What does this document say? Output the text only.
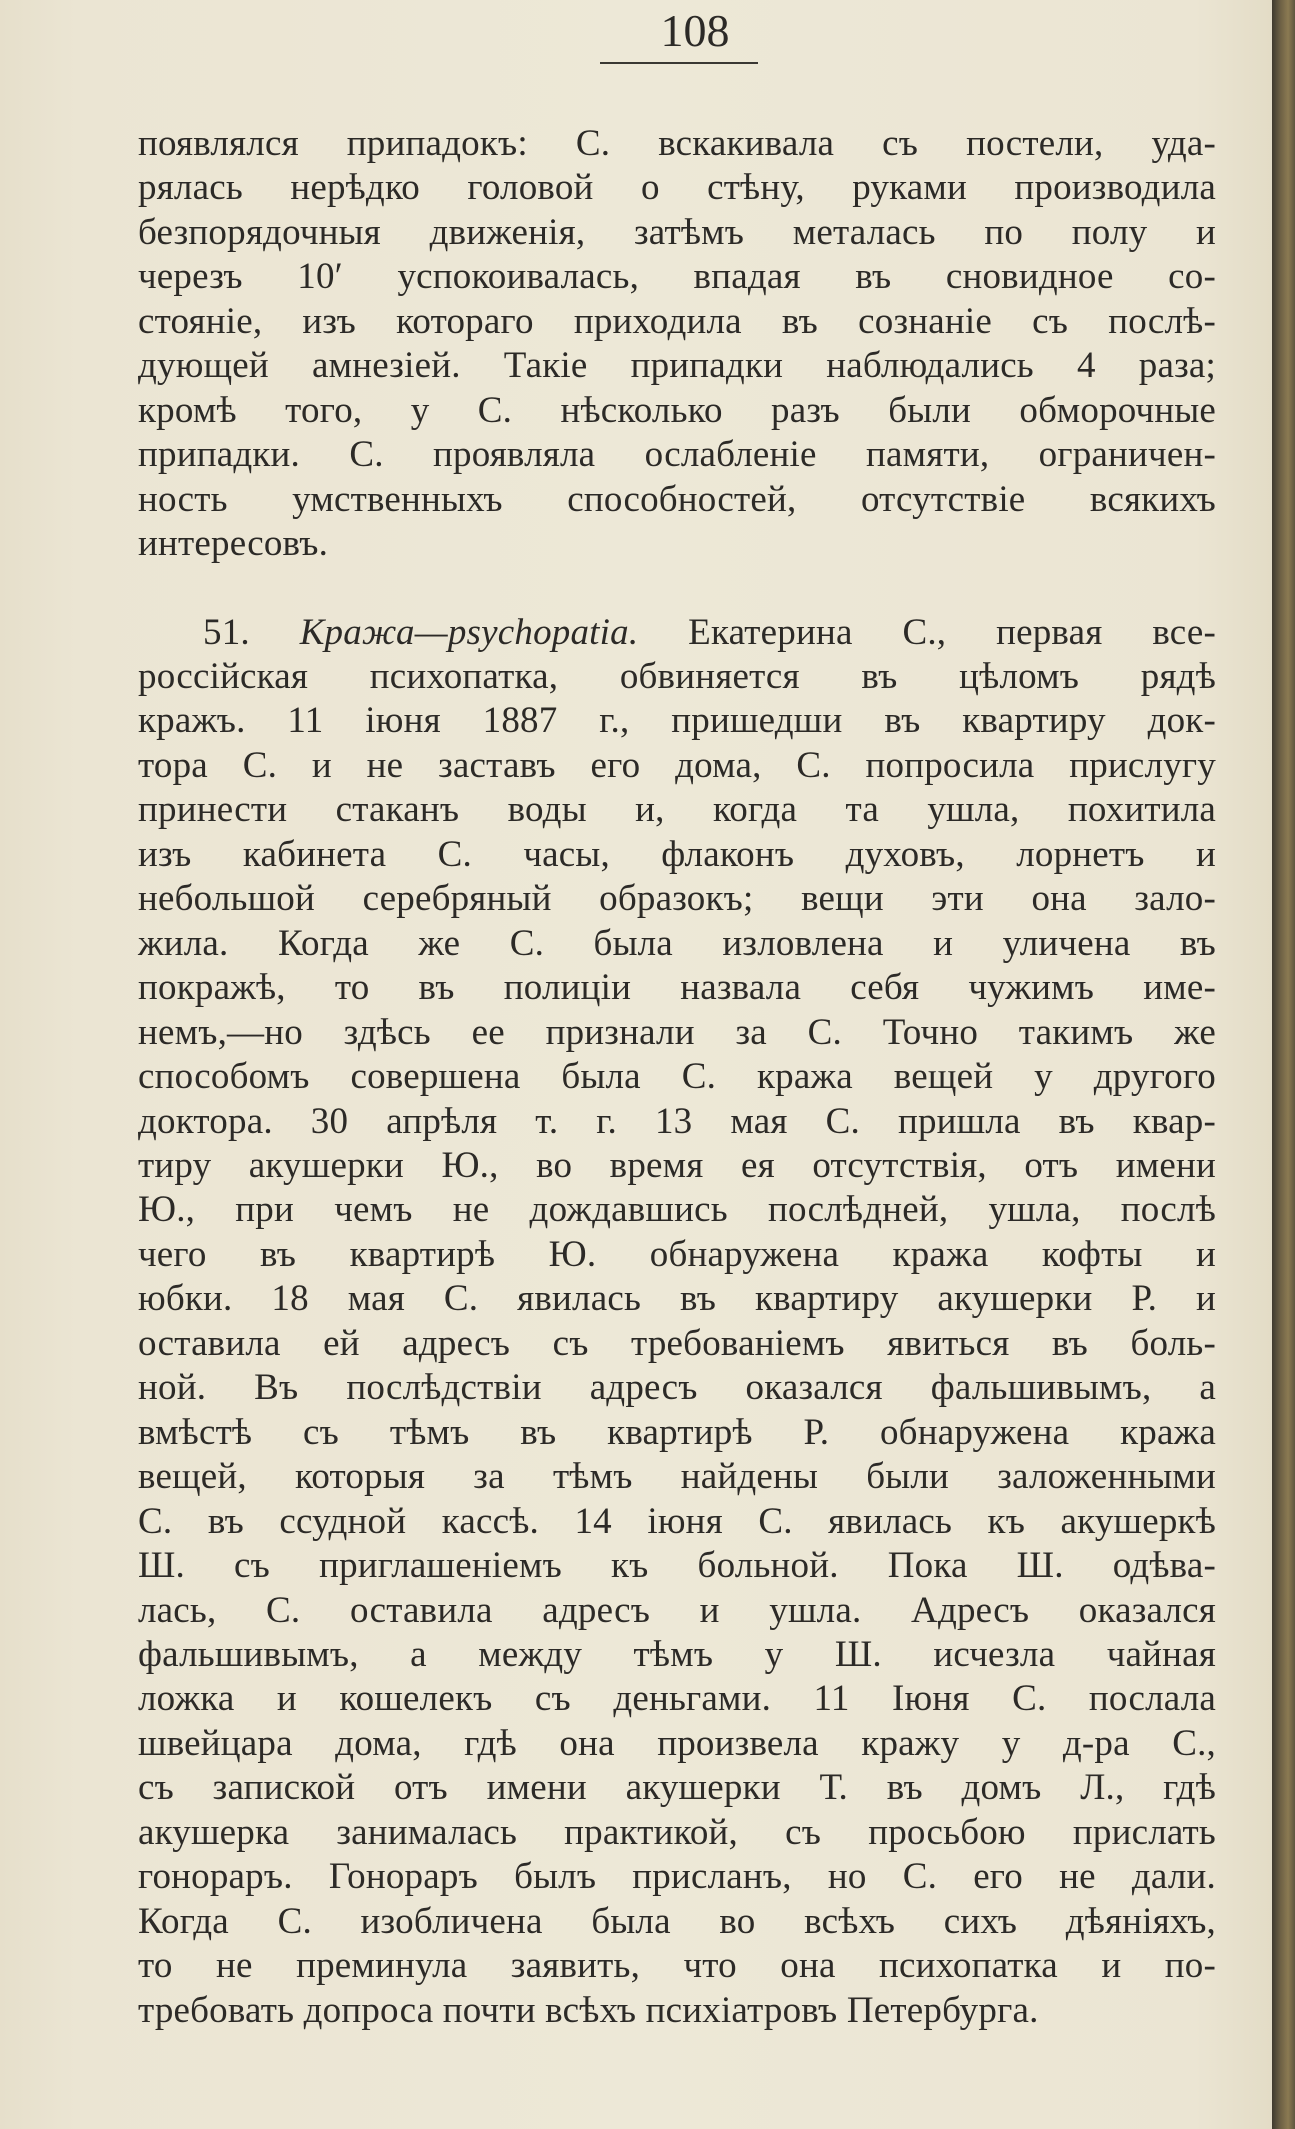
108
появлялся припадокъ: С. вскакивала съ постели, уда-
рялась нерѣдко головой о стѣну, руками производила
безпорядочныя движенія, затѣмъ металась по полу и
черезъ 10′ успокоивалась, впадая въ сновидное со-
стояніе, изъ котораго приходила въ сознаніе съ послѣ-
дующей амнезіей. Такіе припадки наблюдались 4 раза;
кромѣ того, у С. нѣсколько разъ были обморочные
припадки. С. проявляла ослабленіе памяти, ограничен-
ность умственныхъ способностей, отсутствіе всякихъ
интересовъ.
51. Кража—psychopatia. Екатерина С., первая все-
россійская психопатка, обвиняется въ цѣломъ рядѣ
кражъ. 11 іюня 1887 г., пришедши въ квартиру док-
тора С. и не заставъ его дома, С. попросила прислугу
принести стаканъ воды и, когда та ушла, похитила
изъ кабинета С. часы, флаконъ духовъ, лорнетъ и
небольшой серебряный образокъ; вещи эти она зало-
жила. Когда же С. была изловлена и уличена въ
покражѣ, то въ полиціи назвала себя чужимъ име-
немъ,—но здѣсь ее признали за С. Точно такимъ же
способомъ совершена была С. кража вещей у другого
доктора. 30 апрѣля т. г. 13 мая С. пришла въ квар-
тиру акушерки Ю., во время ея отсутствія, отъ имени
Ю., при чемъ не дождавшись послѣдней, ушла, послѣ
чего въ квартирѣ Ю. обнаружена кража кофты и
юбки. 18 мая С. явилась въ квартиру акушерки Р. и
оставила ей адресъ съ требованіемъ явиться въ боль-
ной. Въ послѣдствіи адресъ оказался фальшивымъ, а
вмѣстѣ съ тѣмъ въ квартирѣ Р. обнаружена кража
вещей, которыя за тѣмъ найдены были заложенными
С. въ ссудной кассѣ. 14 іюня С. явилась къ акушеркѣ
Ш. съ приглашеніемъ къ больной. Пока Ш. одѣва-
лась, С. оставила адресъ и ушла. Адресъ оказался
фальшивымъ, а между тѣмъ у Ш. исчезла чайная
ложка и кошелекъ съ деньгами. 11 Іюня С. послала
швейцара дома, гдѣ она произвела кражу у д-ра С.,
съ запиской отъ имени акушерки Т. въ домъ Л., гдѣ
акушерка занималась практикой, съ просьбою прислать
гонораръ. Гонораръ былъ присланъ, но С. его не дали.
Когда С. изобличена была во всѣхъ сихъ дѣяніяхъ,
то не преминула заявить, что она психопатка и по-
требовать допроса почти всѣхъ психіатровъ Петербурга.
